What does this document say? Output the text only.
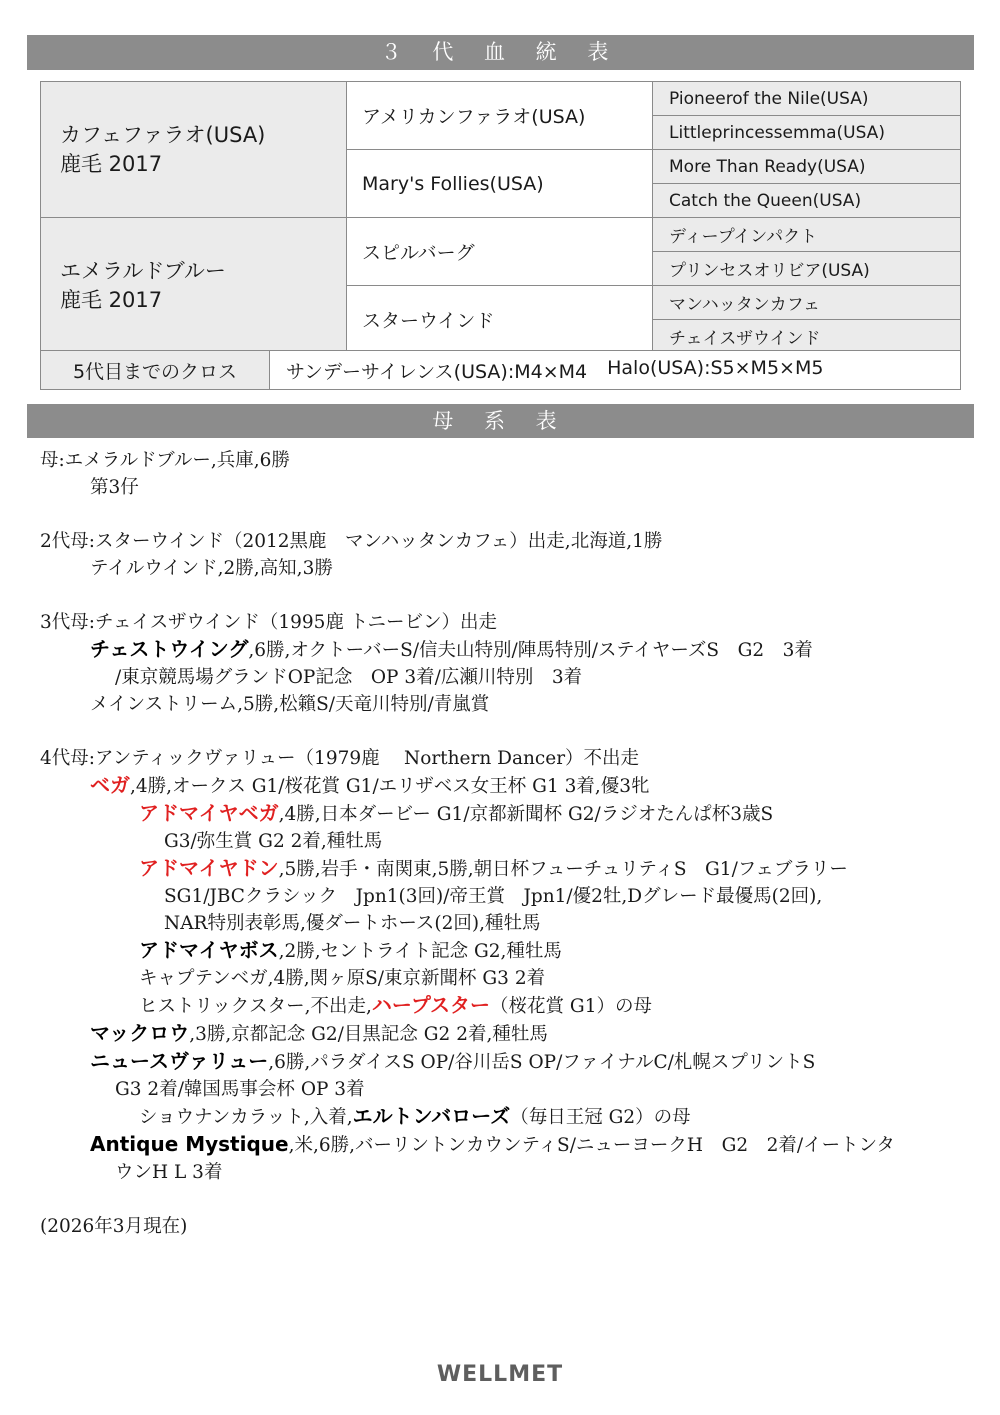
３ 代 血 統 表
カフェファラオ(USA)
鹿毛 2017	アメリカンファラオ(USA)	Pioneerof the Nile(USA)
		Littleprincessemma(USA)
	Mary's Follies(USA)	More Than Ready(USA)
		Catch the Queen(USA)

エメラルドブルー
鹿毛 2017	スピルバーグ	ディープインパクト
		プリンセスオリビア(USA)
	スターウインド	マンハッタンカフェ
		チェイスザウインド
5代目までのクロス	サンデーサイレンス(USA):M4×M4 Halo(USA):S5×M5×M5
母 系 表
母:エメラルドブルー,兵庫,6勝
第3仔
2代母:スターウインド（2012黒鹿　マンハッタンカフェ）出走,北海道,1勝
テイルウインド,2勝,高知,3勝
3代母:チェイスザウインド（1995鹿 トニービン）出走
チェストウイング,6勝,オクトーバーS/信夫山特別/陣馬特別/ステイヤーズS　G2　3着
/東京競馬場グランドOP記念　OP 3着/広瀬川特別　3着
メインストリーム,5勝,松籟S/天竜川特別/青嵐賞
4代母:アンティックヴァリュー（1979鹿　 Northern Dancer）不出走
ベガ,4勝,オークス G1/桜花賞 G1/エリザベス女王杯 G1 3着,優3牝
アドマイヤベガ,4勝,日本ダービー G1/京都新聞杯 G2/ラジオたんぱ杯3歳S
G3/弥生賞 G2 2着,種牡馬
アドマイヤドン,5勝,岩手・南関東,5勝,朝日杯フューチュリティS　G1/フェブラリー
SG1/JBCクラシック　Jpn1(3回)/帝王賞　Jpn1/優2牡,Dグレード最優馬(2回),
NAR特別表彰馬,優ダートホース(2回),種牡馬
アドマイヤボス,2勝,セントライト記念 G2,種牡馬
キャプテンベガ,4勝,関ヶ原S/東京新聞杯 G3 2着
ヒストリックスター,不出走,ハープスター（桜花賞 G1）の母
マックロウ,3勝,京都記念 G2/目黒記念 G2 2着,種牡馬
ニュースヴァリュー,6勝,パラダイスS OP/谷川岳S OP/ファイナルC/札幌スプリントS
G3 2着/韓国馬事会杯 OP 3着
ショウナンカラット,入着,エルトンバローズ（毎日王冠 G2）の母
Antique Mystique,米,6勝,バーリントンカウンティS/ニューヨークH　G2　2着/イートンタ
ウンH L 3着
(2026年3月現在)
WELLMET
